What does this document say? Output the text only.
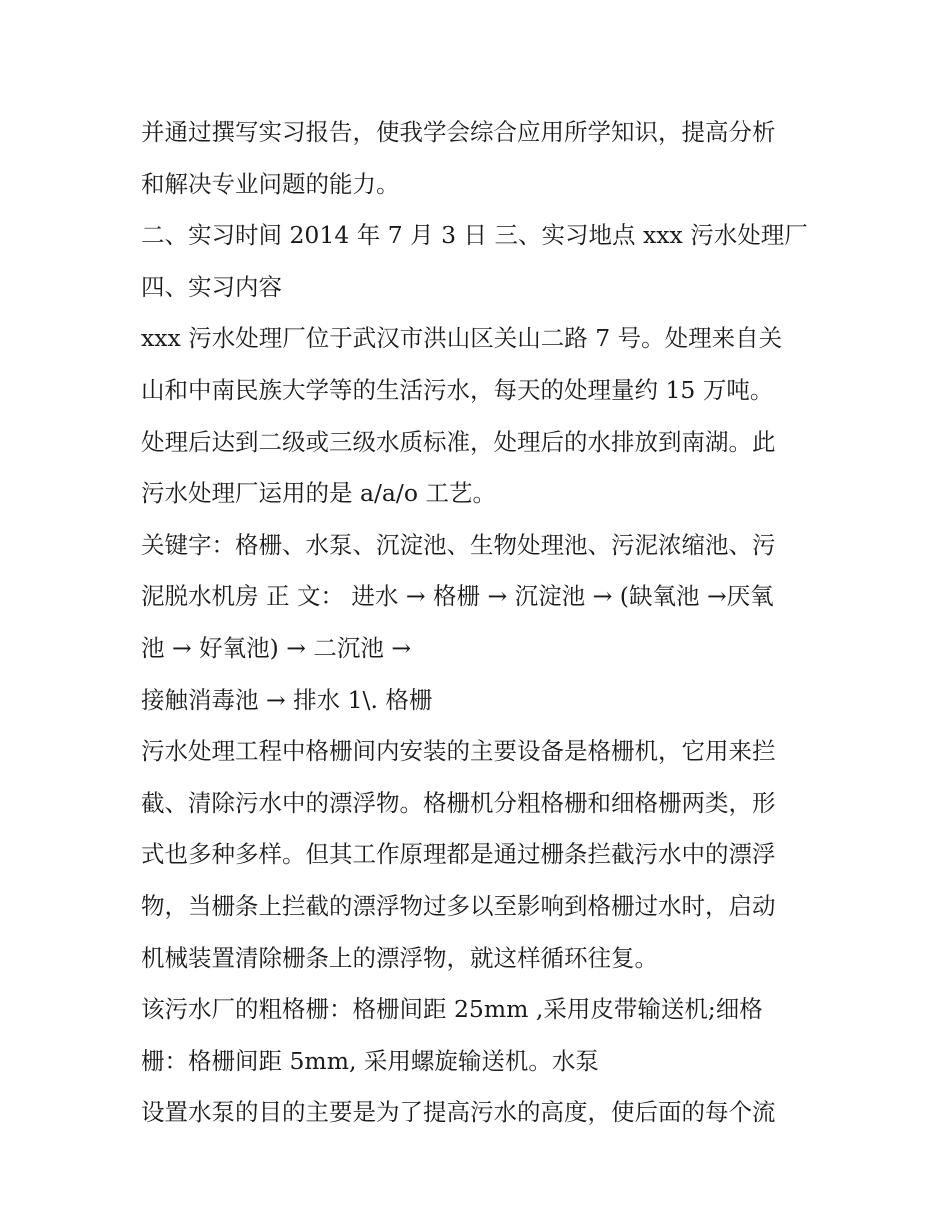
并通过撰写实习报告，使我学会综合应用所学知识，提高分析

和解决专业问题的能力。

二、实习时间 2014 年 7 月 3 日 三、实习地点 xxx 污水处理厂

四、实习内容

xxx 污水处理厂位于武汉市洪山区关山二路 7 号。处理来自关

山和中南民族大学等的生活污水，每天的处理量约 15 万吨。

处理后达到二级或三级水质标准，处理后的水排放到南湖。此

污水处理厂运用的是 a/a/o 工艺。

关键字：格栅、水泵、沉淀池、生物处理池、污泥浓缩池、污

泥脱水机房 正 文： 进水 → 格栅 → 沉淀池 → (缺氧池 →厌氧

池 → 好氧池) → 二沉池 →

接触消毒池 → 排水 1\. 格栅

污水处理工程中格栅间内安装的主要设备是格栅机，它用来拦

截、清除污水中的漂浮物。格栅机分粗格栅和细格栅两类，形

式也多种多样。但其工作原理都是通过栅条拦截污水中的漂浮

物，当栅条上拦截的漂浮物过多以至影响到格栅过水时，启动

机械装置清除栅条上的漂浮物，就这样循环往复。

该污水厂的粗格栅：格栅间距 25mm ,采用皮带输送机;细格

栅：格栅间距 5mm, 采用螺旋输送机。水泵

设置水泵的目的主要是为了提高污水的高度，使后面的每个流
